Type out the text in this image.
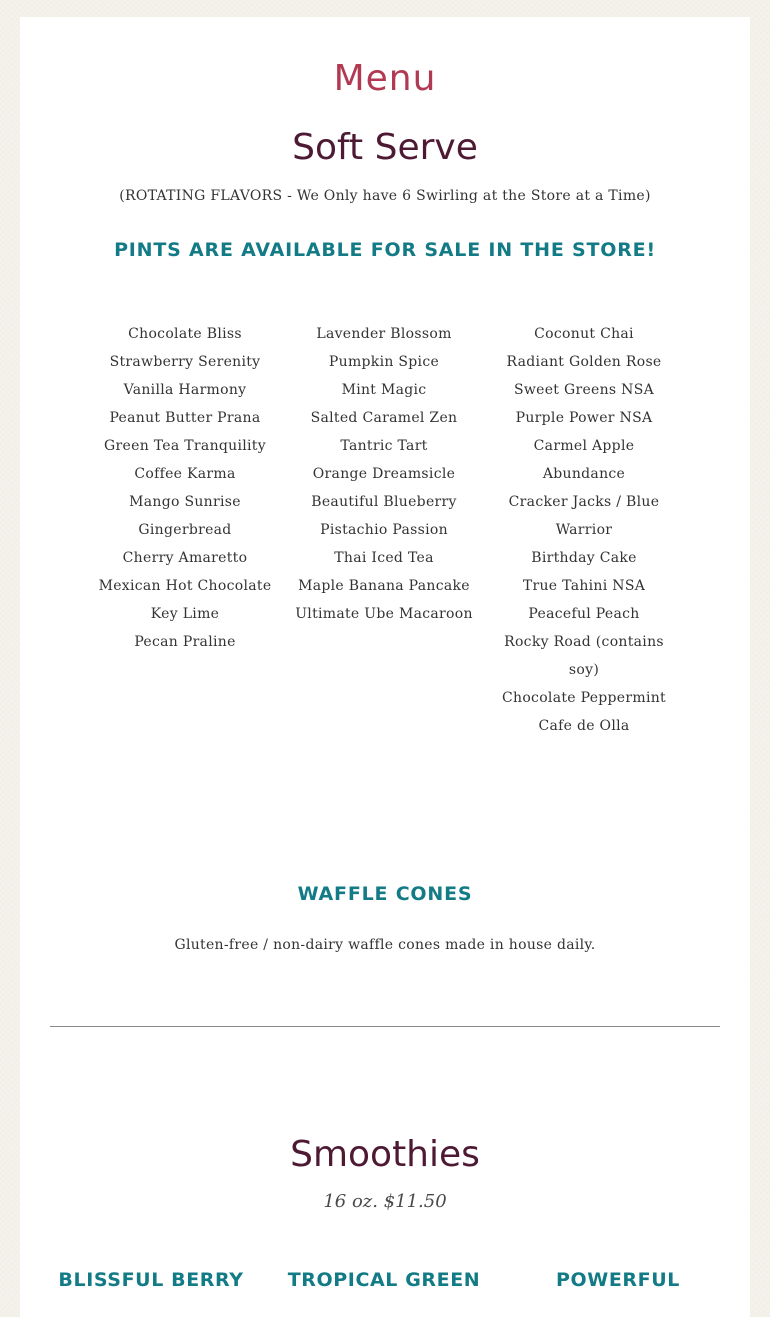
Menu
Soft Serve
(ROTATING FLAVORS - We Only have 6 Swirling at the Store at a Time)
PINTS ARE AVAILABLE FOR SALE IN THE STORE!
Chocolate Bliss
Strawberry Serenity
Vanilla Harmony
Peanut Butter Prana
Green Tea Tranquility
Coffee Karma
Mango Sunrise
Gingerbread
Cherry Amaretto
Mexican Hot Chocolate
Key Lime
Pecan Praline
Lavender Blossom
Pumpkin Spice
Mint Magic
Salted Caramel Zen
Tantric Tart
Orange Dreamsicle
Beautiful Blueberry
Pistachio Passion
Thai Iced Tea
Maple Banana Pancake
Ultimate Ube Macaroon
Coconut Chai
Radiant Golden Rose
Sweet Greens NSA
Purple Power NSA
Carmel Apple Abundance
Cracker Jacks / Blue Warrior
Birthday Cake
True Tahini NSA
Peaceful Peach
Rocky Road (contains soy)
Chocolate Peppermint
Cafe de Olla
WAFFLE CONES
Gluten-free / non-dairy waffle cones made in house daily.
Smoothies
16 oz. $11.50
BLISSFUL BERRY	TROPICAL GREEN	POWERFUL
